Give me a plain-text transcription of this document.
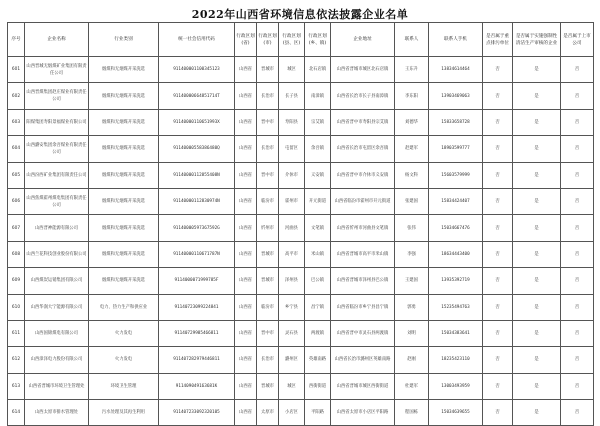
2022年山西省环境信息依法披露企业名单
序号	企业名称	行业类别	统一社会信用代码	行政区划(省)	行政区划(市)	行政区划(县、区)	行政区划(乡、镇)	企业地址	联系人	联系人手机	是否属于重点排污单位	是否属于实施强制性清洁生产审核的企业	是否属于上市公司
601	山西晋城无烟煤矿业集团有限责任公司	烟煤和无烟煤开采洗选	911400001100345123	山西省	晋城市	城区	北石店镇	山西省晋城市城区北石店镇	王东升	13834614464	否	是	否
602	山西晋煤集团赵庄煤业有限责任公司	烟煤和无烟煤开采洗选	91140000664851714T	山西省	长治市	长子县	南漳镇	山西省长治市长子县南漳镇	李东阳	13903469063	否	是	否
603	阳煤集团寿阳景福煤业有限公司	烟煤和无烟煤开采洗选	91140000110651993X	山西省	晋中市	寿阳县	宗艾镇	山西省晋中市寿阳县宗艾镇	刘德华	15833658728	否	是	否
604	山西潞安集团余吾煤业有限责任公司	烟煤和无烟煤开采洗选	91140000558386480Q	山西省	长治市	屯留区	余吾镇	山西省长治市屯留区余吾镇	赵建军	18903599777	否	是	否
605	山西汾西矿业集团有限责任公司	烟煤和无烟煤开采洗选	91140000112855408N	山西省	晋中市	介休市	义安镇	山西省晋中市介休市义安镇	杨文科	15603579999	否	是	否
606	山西焦煤霍州煤电集团有限责任公司	烟煤和无烟煤开采洗选	91140000112830974N	山西省	临汾市	霍州市	开元街道	山西省临汾市霍州市开元街道	张建国	15834424407	否	是	否
607	山西晋神能源有限公司	烟煤和无烟煤开采洗选	91140000597367592G	山西省	忻州市	河曲县	文笔镇	山西省忻州市河曲县文笔镇	张伟	15034667476	否	是	否
608	山西兰花科技创业股份有限公司	烟煤和无烟煤开采洗选	91140000110671787N	山西省	晋城市	高平市	米山镇	山西省晋城市高平市米山镇	李强	18634443400	否	是	否
609	山西煤炭运销集团有限公司	烟煤和无烟煤开采洗选	9114000071999785F	山西省	晋城市	泽州县	巴公镇	山西省晋城市泽州县巴公镇	王建国	13935392719	否	是	否
610	山西华润大宁能源有限公司	电力、热力生产和供应业	91140723099224841	山西省	临汾市	乡宁县	昌宁镇	山西省临汾市乡宁县昌宁镇	郭勇	15235494763	否	是	否
611	山西国锦煤电有限公司	火力发电	91140729985466811	山西省	晋中市	灵石县	两渡镇	山西省晋中市灵石县两渡镇	刘明	15034383641	否	是	否
612	山西漳泽电力股份有限公司	火力发电	911407282979446811	山西省	长治市	潞州区	英雄南路	山西省长治市潞州区英雄南路	赵刚	18235423110	否	是	否
613	山西省晋城市环境卫生管理处	环境卫生管理	911409049163681K	山西省	晋城市	城区	西街街道	山西省晋城市城区西街街道	杜建军	13003493959	否	是	否
614	山西太原市排水管理处	污水处理及其再生利用	911407233092320105	山西省	太原市	小店区	平阳路	山西省太原市小店区平阳路	程国栋	15034639655	否	是	否
